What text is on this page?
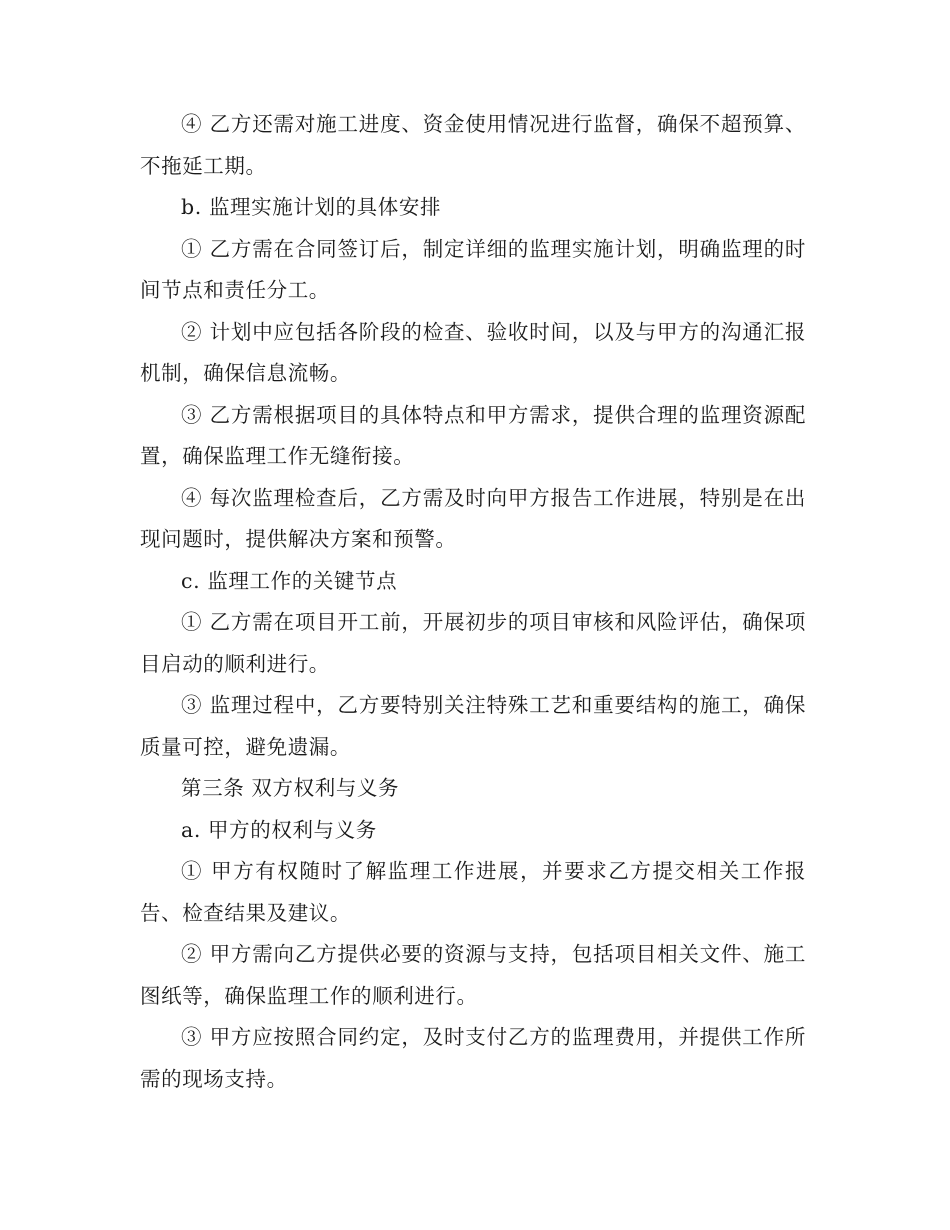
④ 乙方还需对施工进度、资金使用情况进行监督，确保不超预算、不拖延工期。

b. 监理实施计划的具体安排

① 乙方需在合同签订后，制定详细的监理实施计划，明确监理的时间节点和责任分工。

② 计划中应包括各阶段的检查、验收时间，以及与甲方的沟通汇报机制，确保信息流畅。

③ 乙方需根据项目的具体特点和甲方需求，提供合理的监理资源配置，确保监理工作无缝衔接。

④ 每次监理检查后，乙方需及时向甲方报告工作进展，特别是在出现问题时，提供解决方案和预警。

c. 监理工作的关键节点

① 乙方需在项目开工前，开展初步的项目审核和风险评估，确保项目启动的顺利进行。

③ 监理过程中，乙方要特别关注特殊工艺和重要结构的施工，确保质量可控，避免遗漏。

第三条 双方权利与义务

a. 甲方的权利与义务

① 甲方有权随时了解监理工作进展，并要求乙方提交相关工作报告、检查结果及建议。

② 甲方需向乙方提供必要的资源与支持，包括项目相关文件、施工图纸等，确保监理工作的顺利进行。

③ 甲方应按照合同约定，及时支付乙方的监理费用，并提供工作所需的现场支持。
